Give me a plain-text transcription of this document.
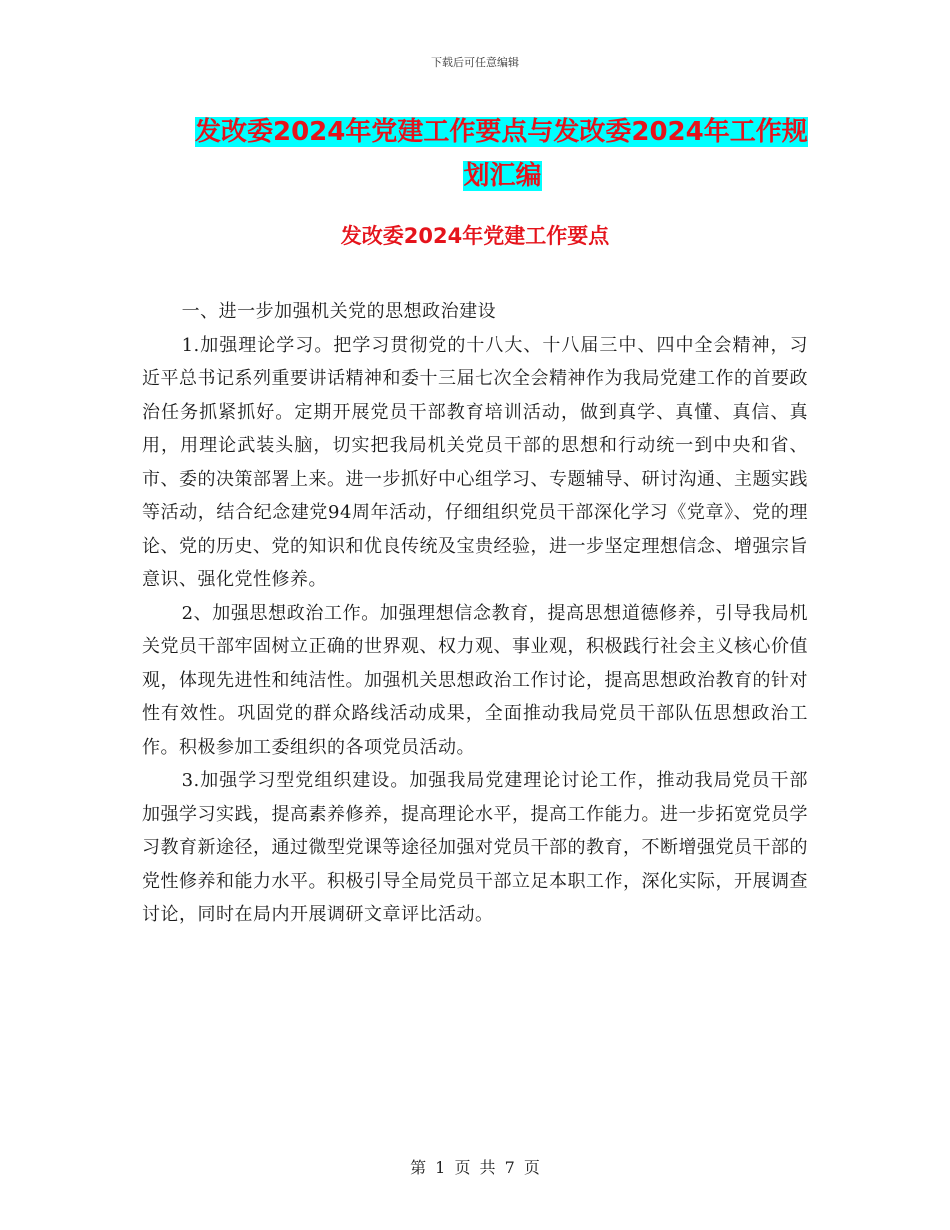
下载后可任意编辑
发改委2024年党建工作要点与发改委2024年工作规
划汇编
发改委2024年党建工作要点

一、进一步加强机关党的思想政治建设

1.加强理论学习。把学习贯彻党的十八大、十八届三中、四中全会精神，习近平总书记系列重要讲话精神和委十三届七次全会精神作为我局党建工作的首要政治任务抓紧抓好。定期开展党员干部教育培训活动，做到真学、真懂、真信、真用，用理论武装头脑，切实把我局机关党员干部的思想和行动统一到中央和省、市、委的决策部署上来。进一步抓好中心组学习、专题辅导、研讨沟通、主题实践等活动，结合纪念建党94周年活动，仔细组织党员干部深化学习《党章》、党的理论、党的历史、党的知识和优良传统及宝贵经验，进一步坚定理想信念、增强宗旨意识、强化党性修养。

2、加强思想政治工作。加强理想信念教育，提高思想道德修养，引导我局机关党员干部牢固树立正确的世界观、权力观、事业观，积极践行社会主义核心价值观，体现先进性和纯洁性。加强机关思想政治工作讨论，提高思想政治教育的针对性有效性。巩固党的群众路线活动成果，全面推动我局党员干部队伍思想政治工作。积极参加工委组织的各项党员活动。

3.加强学习型党组织建设。加强我局党建理论讨论工作，推动我局党员干部加强学习实践，提高素养修养，提高理论水平，提高工作能力。进一步拓宽党员学习教育新途径，通过微型党课等途径加强对党员干部的教育，不断增强党员干部的党性修养和能力水平。积极引导全局党员干部立足本职工作，深化实际，开展调查讨论，同时在局内开展调研文章评比活动。

第 1 页 共 7 页
